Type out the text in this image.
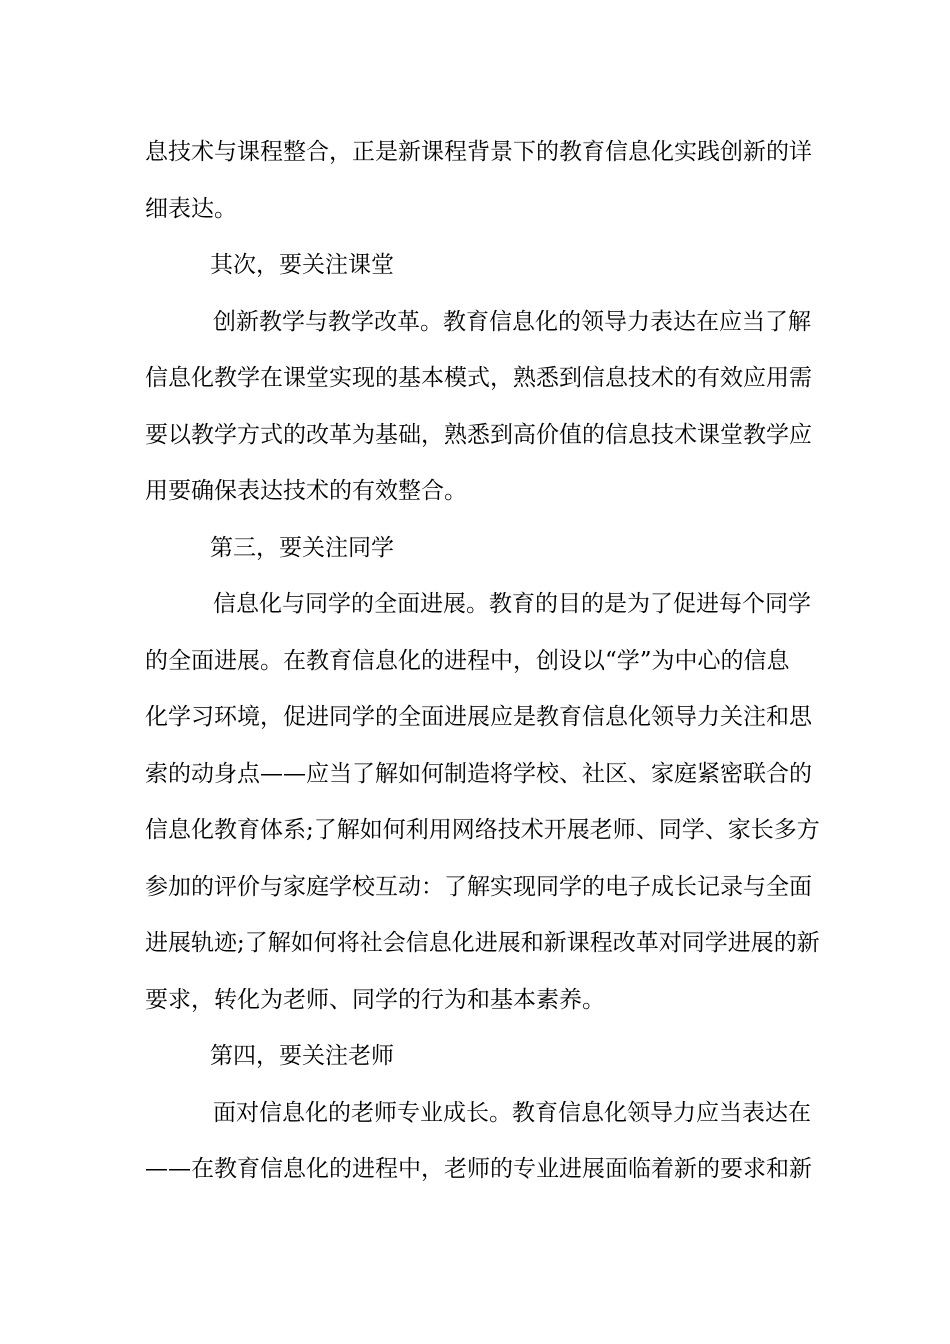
息技术与课程整合，正是新课程背景下的教育信息化实践创新的详
细表达。
其次，要关注课堂
创新教学与教学改革。教育信息化的领导力表达在应当了解
信息化教学在课堂实现的基本模式，熟悉到信息技术的有效应用需
要以教学方式的改革为基础，熟悉到高价值的信息技术课堂教学应
用要确保表达技术的有效整合。
第三，要关注同学
信息化与同学的全面进展。教育的目的是为了促进每个同学
的全面进展。在教育信息化的进程中，创设以“学”为中心的信息
化学习环境，促进同学的全面进展应是教育信息化领导力关注和思
索的动身点——应当了解如何制造将学校、社区、家庭紧密联合的
信息化教育体系;了解如何利用网络技术开展老师、同学、家长多方
参加的评价与家庭学校互动：了解实现同学的电子成长记录与全面
进展轨迹;了解如何将社会信息化进展和新课程改革对同学进展的新
要求，转化为老师、同学的行为和基本素养。
第四，要关注老师
面对信息化的老师专业成长。教育信息化领导力应当表达在
——在教育信息化的进程中，老师的专业进展面临着新的要求和新
